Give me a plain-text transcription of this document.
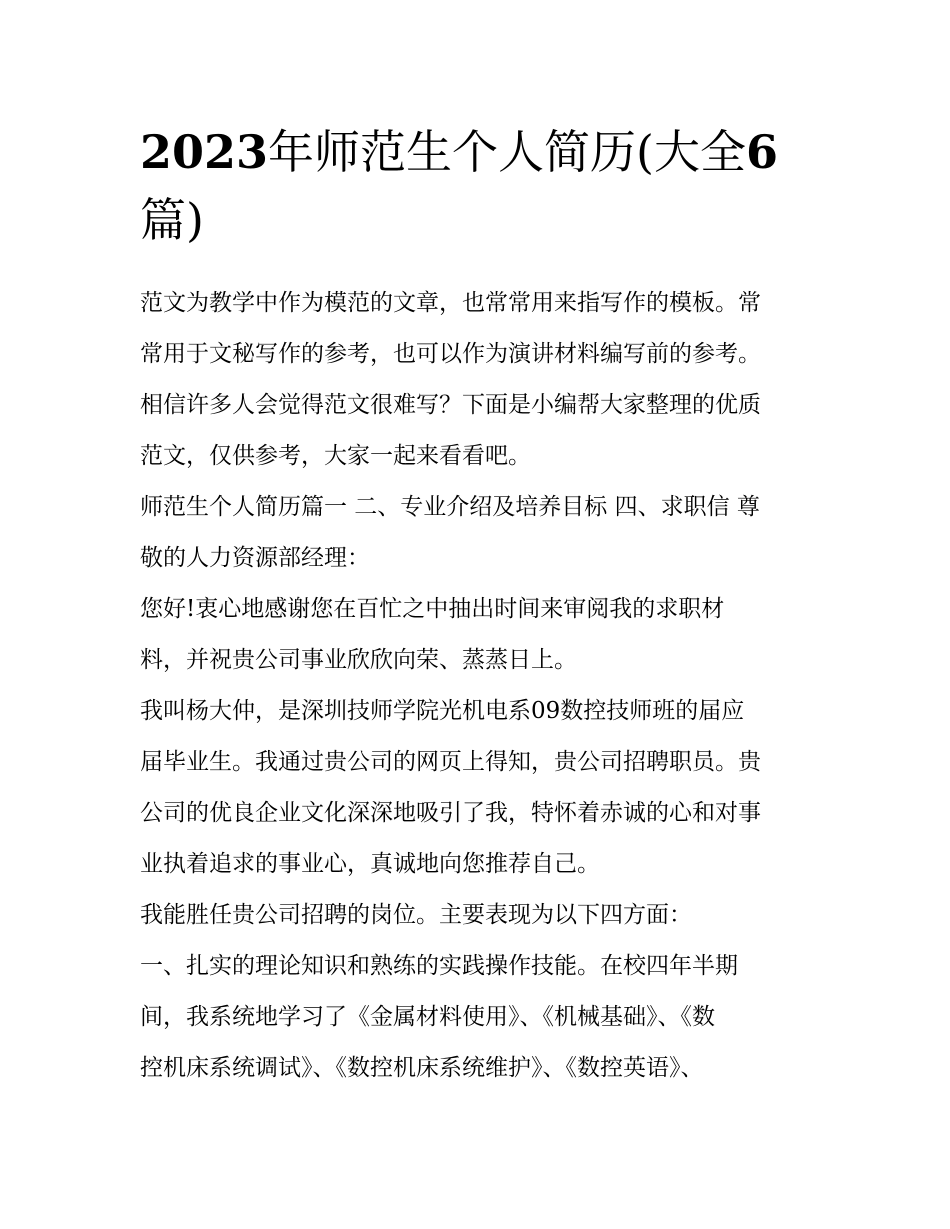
2023年师范生个人简历(大全6
篇)
范文为教学中作为模范的文章，也常常用来指写作的模板。常
常用于文秘写作的参考，也可以作为演讲材料编写前的参考。
相信许多人会觉得范文很难写？下面是小编帮大家整理的优质
范文，仅供参考，大家一起来看看吧。
师范生个人简历篇一 二、专业介绍及培养目标 四、求职信 尊
敬的人力资源部经理：
您好!衷心地感谢您在百忙之中抽出时间来审阅我的求职材
料，并祝贵公司事业欣欣向荣、蒸蒸日上。
我叫杨大仲，是深圳技师学院光机电系09数控技师班的届应
届毕业生。我通过贵公司的网页上得知，贵公司招聘职员。贵
公司的优良企业文化深深地吸引了我，特怀着赤诚的心和对事
业执着追求的事业心，真诚地向您推荐自己。
我能胜任贵公司招聘的岗位。主要表现为以下四方面：
一、扎实的理论知识和熟练的实践操作技能。在校四年半期
间，我系统地学习了《金属材料使用》、《机械基础》、《数
控机床系统调试》、《数控机床系统维护》、《数控英语》、
